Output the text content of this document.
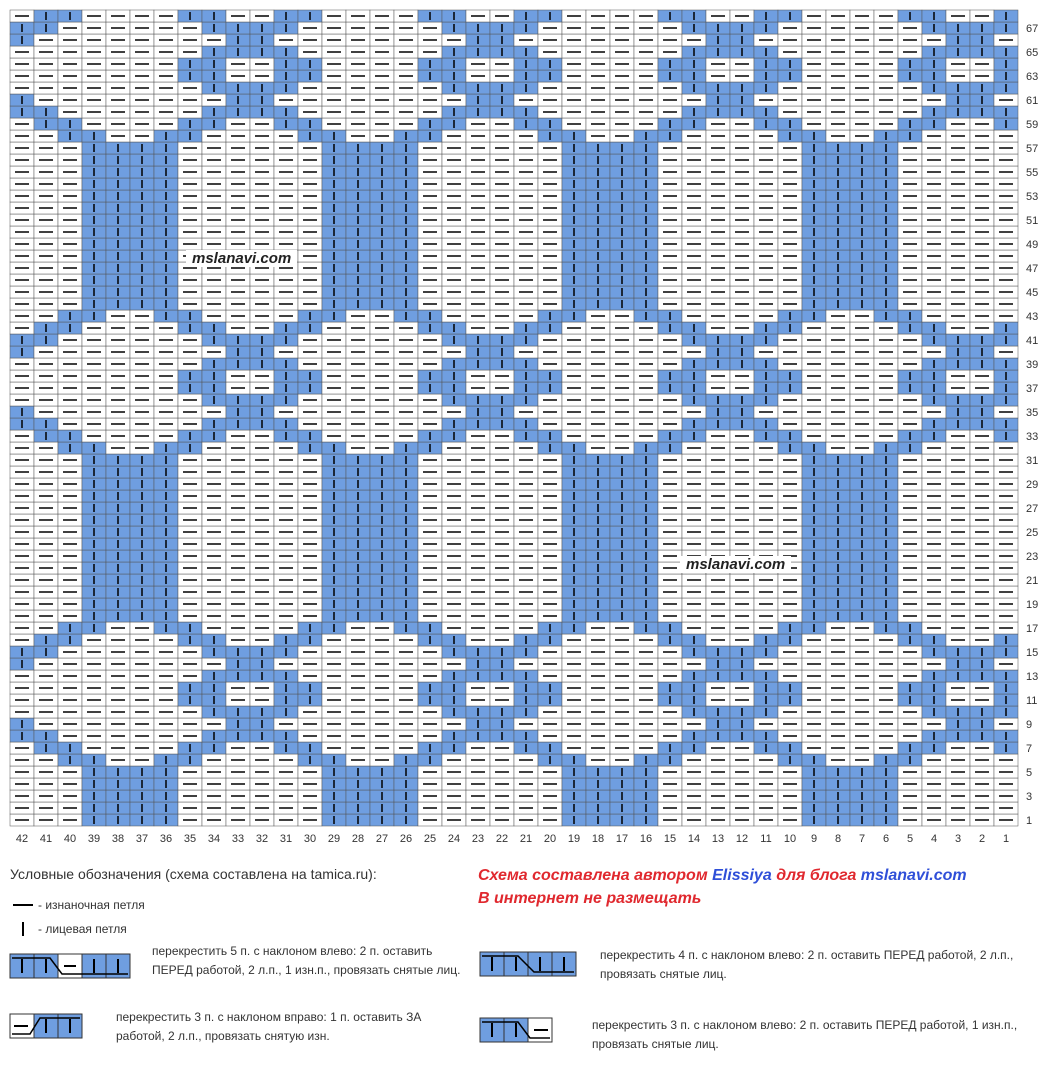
42 41 40 39 38 37 36 35 34 33 32 31 30 29 28 27 26 25 24 23 22 21 20 19 18 17 16 15 14 13 12 11 10 9 8 7 6 5 4 3 2 1
67
65
63
61
59
57
55
53
51
49
47
45
43
41
39
37
35
33
31
29
27
25
23
21
19
17
15
13
11
9
7
5
3
1
mslanavi.com
mslanavi.com
Условные обозначения (схема составлена на tamica.ru):	Схема составлена автором Elissiya для блога mslanavi.com
В интернет не размещать
- изнаночная петля
- лицевая петля
перекрестить 5 п. с наклоном влево: 2 п. оставить ПЕРЕД работой, 2 л.п., 1 изн.п., провязать снятые лиц.
перекрестить 4 п. с наклоном влево: 2 п. оставить ПЕРЕД работой, 2 л.п., провязать снятые лиц.
перекрестить 3 п. с наклоном вправо: 1 п. оставить ЗА работой, 2 л.п., провязать снятую изн.
перекрестить 3 п. с наклоном влево: 2 п. оставить ПЕРЕД работой, 1 изн.п., провязать снятые лиц.
